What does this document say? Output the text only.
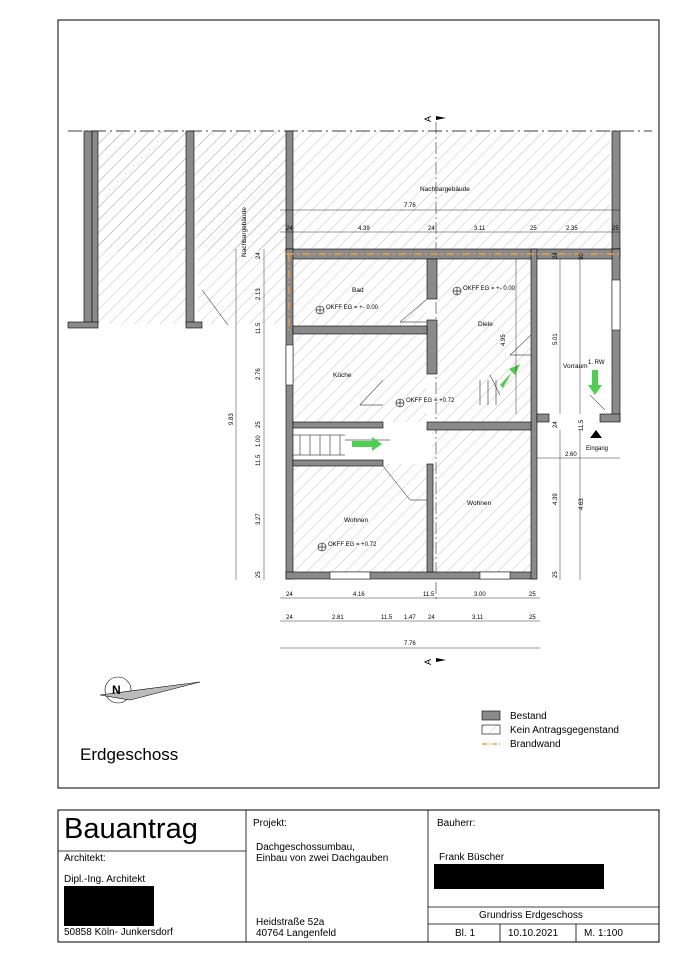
A
A
Bad
Küche
Diele
Vorraum
Wohnen
Wohnen
Nachbargebäude
Nachbargebäude
Eingang
1. RW
OKFF EG = +- 0.00
OKFF EG = +- 0.00
OKFF EG = +0.72
OKFF EG = +0.72
7.76
24	4.39	24	3.11	25	2.35	25
24	4.16	11.5	3.00	25
24	2.81	11.5 1.47 24	3.11	25
7.76
24
2.13
11.5
2.76
25
1.00
11.5
3.27
25
9.83
24	30
4.95	5.01
24	11.5
2.60
4.39	4.63
25
N
Erdgeschoss
Bestand
Kein Antragsgegenstand
Brandwand
Bauantrag
Architekt:
Dipl.-Ing. Architekt
50858 Köln- Junkersdorf
Projekt:
Dachgeschossumbau,
Einbau von zwei Dachgauben
Heidstraße 52a
40764 Langenfeld
Bauherr:
Frank Büscher
Grundriss Erdgeschoss
Bl. 1	10.10.2021	M. 1:100
